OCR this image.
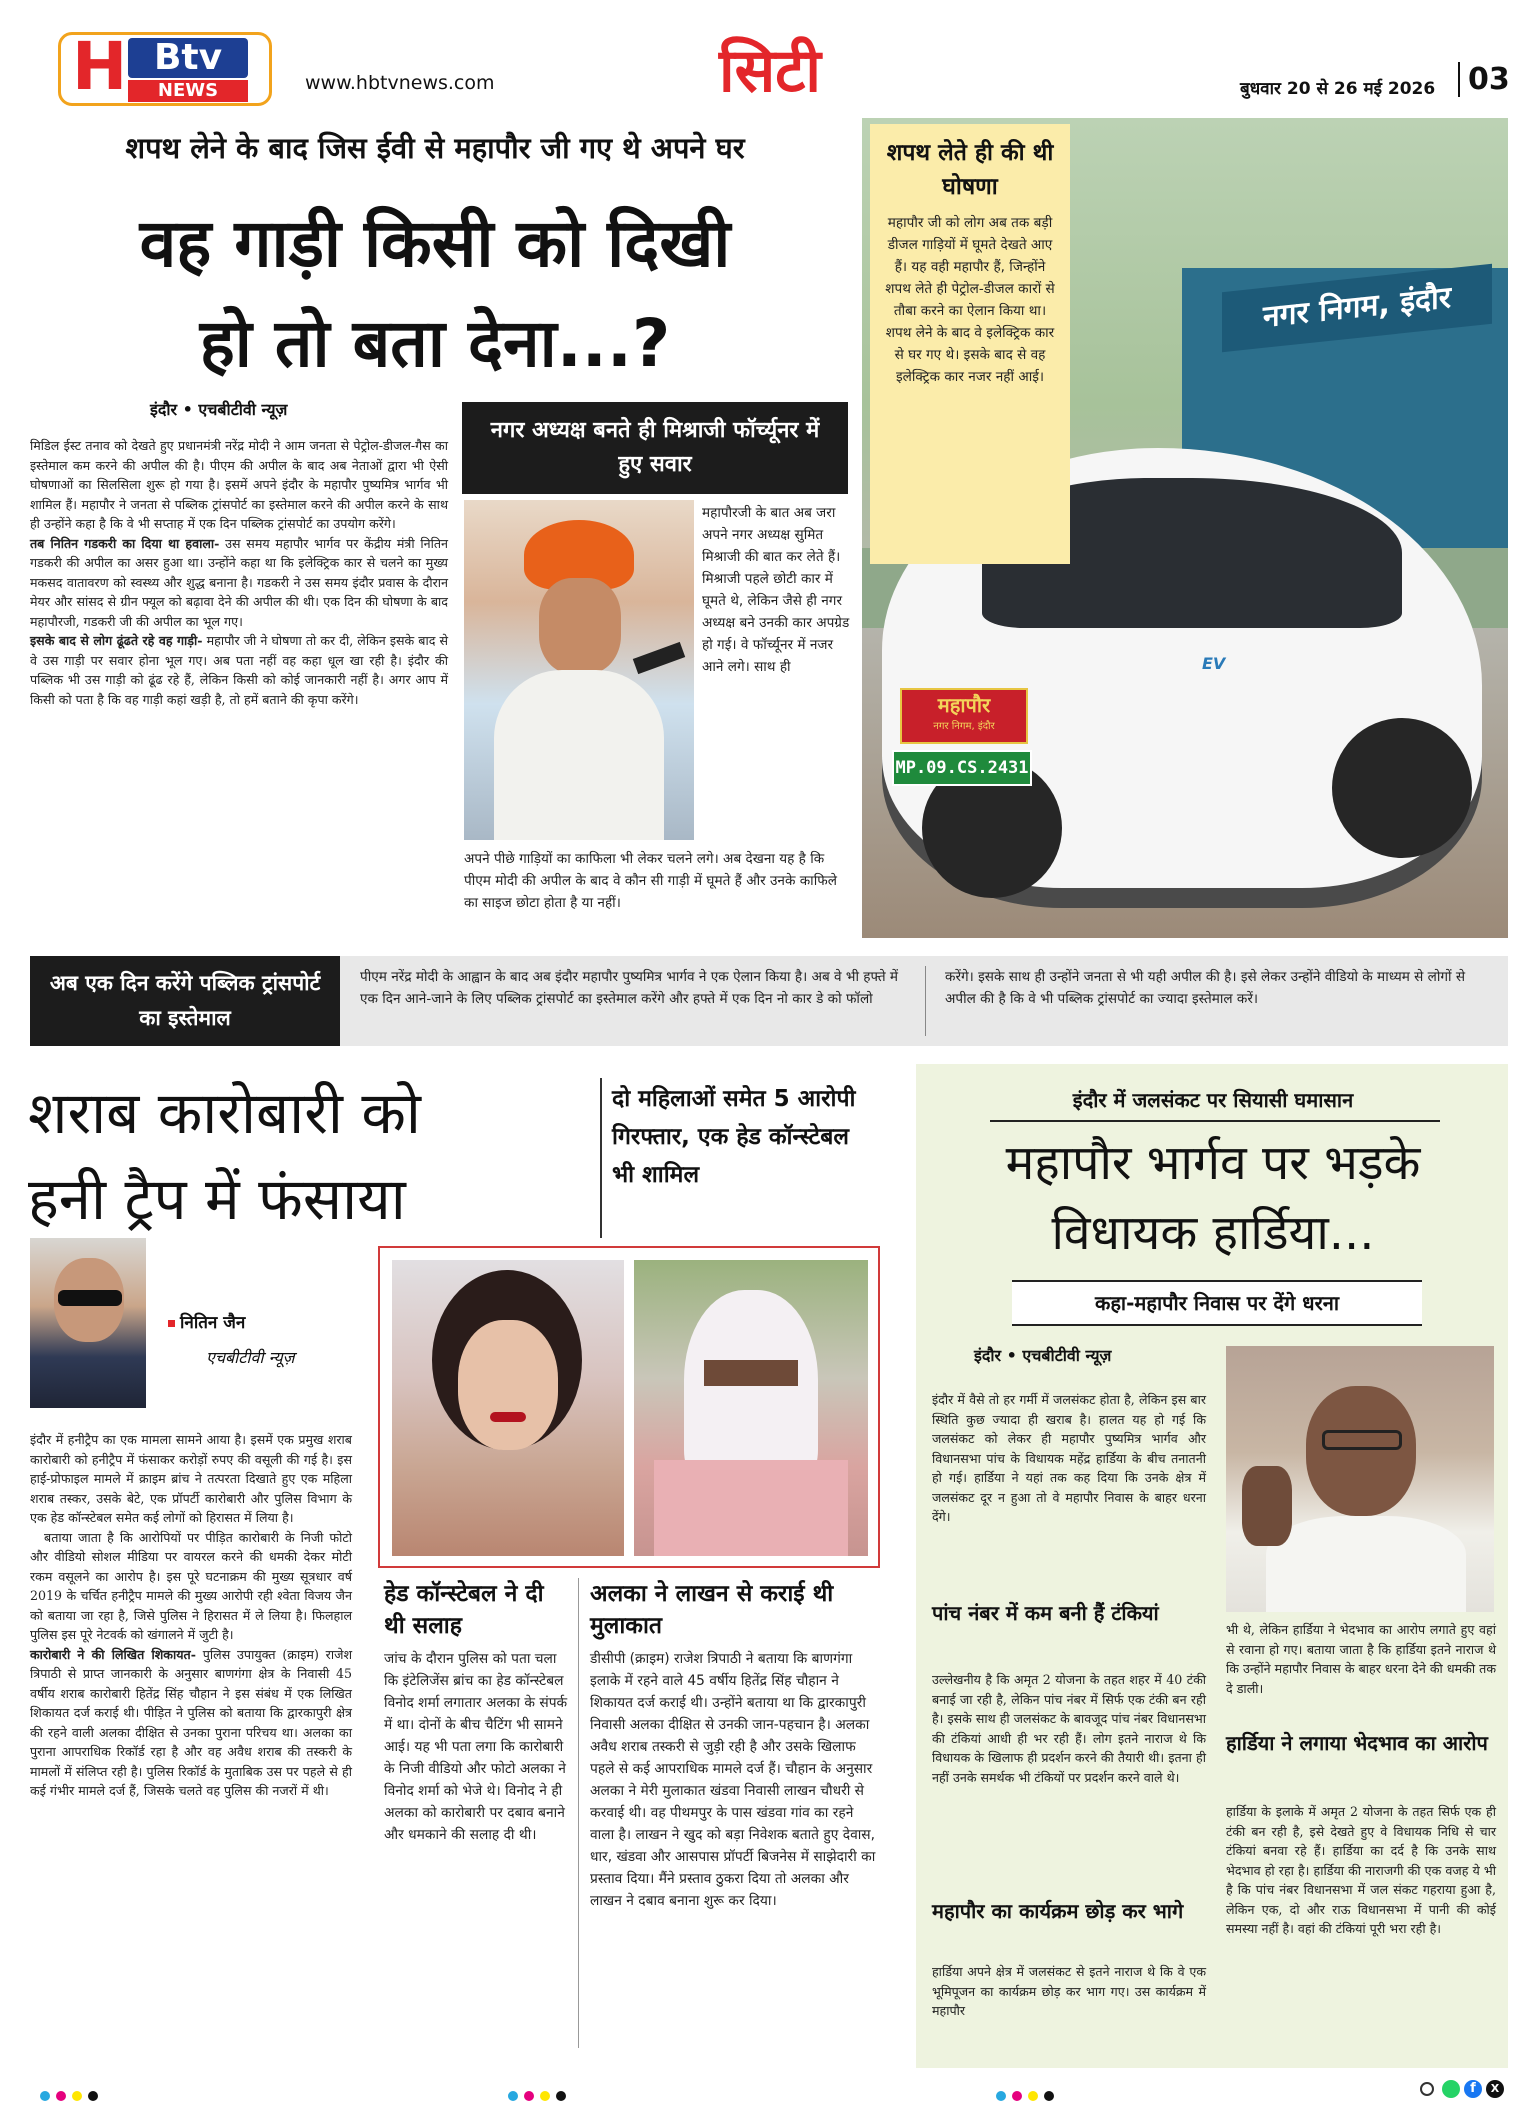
H Btv
NEWS	www.hbtvnews.com	सिटी	बुधवार 20 से 26 मई 2026	03
शपथ लेने के बाद जिस ईवी से महापौर जी गए थे अपने घर
वह गाड़ी किसी को दिखी
हो तो बता देना...?
इंदौर • एचबीटीवी न्यूज़

मिडिल ईस्ट तनाव को देखते हुए प्रधानमंत्री नरेंद्र मोदी ने आम जनता से पेट्रोल-डीजल-गैस का इस्तेमाल कम करने की अपील की है। पीएम की अपील के बाद अब नेताओं द्वारा भी ऐसी घोषणाओं का सिलसिला शुरू हो गया है। इसमें अपने इंदौर के महापौर पुष्यमित्र भार्गव भी शामिल हैं। महापौर ने जनता से पब्लिक ट्रांसपोर्ट का इस्तेमाल करने की अपील करने के साथ ही उन्होंने कहा है कि वे भी सप्ताह में एक दिन पब्लिक ट्रांसपोर्ट का उपयोग करेंगे।

तब नितिन गडकरी का दिया था हवाला- उस समय महापौर भार्गव पर केंद्रीय मंत्री नितिन गडकरी की अपील का असर हुआ था। उन्होंने कहा था कि इलेक्ट्रिक कार से चलने का मुख्य मकसद वातावरण को स्वस्थ्य और शुद्ध बनाना है। गडकरी ने उस समय इंदौर प्रवास के दौरान मेयर और सांसद से ग्रीन फ्यूल को बढ़ावा देने की अपील की थी। एक दिन की घोषणा के बाद महापौरजी, गडकरी जी की अपील का भूल गए।

इसके बाद से लोग ढूंढते रहे वह गाड़ी- महापौर जी ने घोषणा तो कर दी, लेकिन इसके बाद से वे उस गाड़ी पर सवार होना भूल गए। अब पता नहीं वह कहा धूल खा रही है। इंदौर की पब्लिक भी उस गाड़ी को ढूंढ रहे हैं, लेकिन किसी को कोई जानकारी नहीं है। अगर आप में किसी को पता है कि वह गाड़ी कहां खड़ी है, तो हमें बताने की कृपा करेंगे।

नगर अध्यक्ष बनते ही मिश्राजी फॉर्च्यूनर में हुए सवार
महापौरजी के बात अब जरा अपने नगर अध्यक्ष सुमित मिश्राजी की बात कर लेते हैं। मिश्राजी पहले छोटी कार में घूमते थे, लेकिन जैसे ही नगर अध्यक्ष बने उनकी कार अपग्रेड हो गई। वे फॉर्च्यूनर में नजर आने लगे। साथ ही
अपने पीछे गाड़ियों का काफिला भी लेकर चलने लगे। अब देखना यह है कि पीएम मोदी की अपील के बाद वे कौन सी गाड़ी में घूमते हैं और उनके काफिले का साइज छोटा होता है या नहीं।
नगर निगम, इंदौर
EV
महापौर
नगर निगम, इंदौर
MP.09.CS.2431
शपथ लेते ही की थी घोषणा
महापौर जी को लोग अब तक बड़ी डीजल गाड़ियों में घूमते देखते आए हैं। यह वही महापौर हैं, जिन्होंने शपथ लेते ही पेट्रोल-डीजल कारों से तौबा करने का ऐलान किया था। शपथ लेने के बाद वे इलेक्ट्रिक कार से घर गए थे। इसके बाद से वह इलेक्ट्रिक कार नजर नहीं आई।
अब एक दिन करेंगे पब्लिक ट्रांसपोर्ट का इस्तेमाल
पीएम नरेंद्र मोदी के आह्वान के बाद अब इंदौर महापौर पुष्यमित्र भार्गव ने एक ऐलान किया है। अब वे भी हफ्ते में एक दिन आने-जाने के लिए पब्लिक ट्रांसपोर्ट का इस्तेमाल करेंगे और हफ्ते में एक दिन नो कार डे को फॉलो
करेंगे। इसके साथ ही उन्होंने जनता से भी यही अपील की है। इसे लेकर उन्होंने वीडियो के माध्यम से लोगों से अपील की है कि वे भी पब्लिक ट्रांसपोर्ट का ज्यादा इस्तेमाल करें।
शराब कारोबारी को
हनी ट्रैप में फंसाया
दो महिलाओं समेत 5 आरोपी गिरफ्तार, एक हेड कॉन्स्टेबल भी शामिल
नितिन जैन
एचबीटीवी न्यूज़

इंदौर में हनीट्रैप का एक मामला सामने आया है। इसमें एक प्रमुख शराब कारोबारी को हनीट्रैप में फंसाकर करोड़ों रुपए की वसूली की गई है। इस हाई-प्रोफाइल मामले में क्राइम ब्रांच ने तत्परता दिखाते हुए एक महिला शराब तस्कर, उसके बेटे, एक प्रॉपर्टी कारोबारी और पुलिस विभाग के एक हेड कॉन्स्टेबल समेत कई लोगों को हिरासत में लिया है।

बताया जाता है कि आरोपियों पर पीड़ित कारोबारी के निजी फोटो और वीडियो सोशल मीडिया पर वायरल करने की धमकी देकर मोटी रकम वसूलने का आरोप है। इस पूरे घटनाक्रम की मुख्य सूत्रधार वर्ष 2019 के चर्चित हनीट्रैप मामले की मुख्य आरोपी रही श्वेता विजय जैन को बताया जा रहा है, जिसे पुलिस ने हिरासत में ले लिया है। फिलहाल पुलिस इस पूरे नेटवर्क को खंगालने में जुटी है।

कारोबारी ने की लिखित शिकायत- पुलिस उपायुक्त (क्राइम) राजेश त्रिपाठी से प्राप्त जानकारी के अनुसार बाणगंगा क्षेत्र के निवासी 45 वर्षीय शराब कारोबारी हितेंद्र सिंह चौहान ने इस संबंध में एक लिखित शिकायत दर्ज कराई थी। पीड़ित ने पुलिस को बताया कि द्वारकापुरी क्षेत्र की रहने वाली अलका दीक्षित से उनका पुराना परिचय था। अलका का पुराना आपराधिक रिकॉर्ड रहा है और वह अवैध शराब की तस्करी के मामलों में संलिप्त रही है। पुलिस रिकॉर्ड के मुताबिक उस पर पहले से ही कई गंभीर मामले दर्ज हैं, जिसके चलते वह पुलिस की नजरों में थी।

हेड कॉन्स्टेबल ने दी थी सलाह
जांच के दौरान पुलिस को पता चला कि इंटेलिजेंस ब्रांच का हेड कॉन्स्टेबल विनोद शर्मा लगातार अलका के संपर्क में था। दोनों के बीच चैटिंग भी सामने आई। यह भी पता लगा कि कारोबारी के निजी वीडियो और फोटो अलका ने विनोद शर्मा को भेजे थे। विनोद ने ही अलका को कारोबारी पर दबाव बनाने और धमकाने की सलाह दी थी।
अलका ने लाखन से कराई थी मुलाकात
डीसीपी (क्राइम) राजेश त्रिपाठी ने बताया कि बाणगंगा इलाके में रहने वाले 45 वर्षीय हितेंद्र सिंह चौहान ने शिकायत दर्ज कराई थी। उन्होंने बताया था कि द्वारकापुरी निवासी अलका दीक्षित से उनकी जान-पहचान है। अलका अवैध शराब तस्करी से जुड़ी रही है और उसके खिलाफ पहले से कई आपराधिक मामले दर्ज हैं। चौहान के अनुसार अलका ने मेरी मुलाकात खंडवा निवासी लाखन चौधरी से करवाई थी। वह पीथमपुर के पास खंडवा गांव का रहने वाला है। लाखन ने खुद को बड़ा निवेशक बताते हुए देवास, धार, खंडवा और आसपास प्रॉपर्टी बिजनेस में साझेदारी का प्रस्ताव दिया। मैंने प्रस्ताव ठुकरा दिया तो अलका और लाखन ने दबाव बनाना शुरू कर दिया।
इंदौर में जलसंकट पर सियासी घमासान
महापौर भार्गव पर भड़के
विधायक हार्डिया...
कहा-महापौर निवास पर देंगे धरना
इंदौर • एचबीटीवी न्यूज़
इंदौर में वैसे तो हर गर्मी में जलसंकट होता है, लेकिन इस बार स्थिति कुछ ज्यादा ही खराब है। हालत यह हो गई कि जलसंकट को लेकर ही महापौर पुष्यमित्र भार्गव और विधानसभा पांच के विधायक महेंद्र हार्डिया के बीच तनातनी हो गई। हार्डिया ने यहां तक कह दिया कि उनके क्षेत्र में जलसंकट दूर न हुआ तो वे महापौर निवास के बाहर धरना देंगे।
पांच नंबर में कम बनी हैं टंकियां
उल्लेखनीय है कि अमृत 2 योजना के तहत शहर में 40 टंकी बनाई जा रही है, लेकिन पांच नंबर में सिर्फ एक टंकी बन रही है। इसके साथ ही जलसंकट के बावजूद पांच नंबर विधानसभा की टंकियां आधी ही भर रही हैं। लोग इतने नाराज थे कि विधायक के खिलाफ ही प्रदर्शन करने की तैयारी थी। इतना ही नहीं उनके समर्थक भी टंकियों पर प्रदर्शन करने वाले थे।
महापौर का कार्यक्रम छोड़ कर भागे
हार्डिया अपने क्षेत्र में जलसंकट से इतने नाराज थे कि वे एक भूमिपूजन का कार्यक्रम छोड़ कर भाग गए। उस कार्यक्रम में महापौर
भी थे, लेकिन हार्डिया ने भेदभाव का आरोप लगाते हुए वहां से रवाना हो गए। बताया जाता है कि हार्डिया इतने नाराज थे कि उन्होंने महापौर निवास के बाहर धरना देने की धमकी तक दे डाली।
हार्डिया ने लगाया भेदभाव का आरोप
हार्डिया के इलाके में अमृत 2 योजना के तहत सिर्फ एक ही टंकी बन रही है, इसे देखते हुए वे विधायक निधि से चार टंकियां बनवा रहे हैं। हार्डिया का दर्द है कि उनके साथ भेदभाव हो रहा है। हार्डिया की नाराजगी की एक वजह ये भी है कि पांच नंबर विधानसभा में जल संकट गहराया हुआ है, लेकिन एक, दो और राऊ विधानसभा में पानी की कोई समस्या नहीं है। वहां की टंकियां पूरी भरा रही है।
f	X
